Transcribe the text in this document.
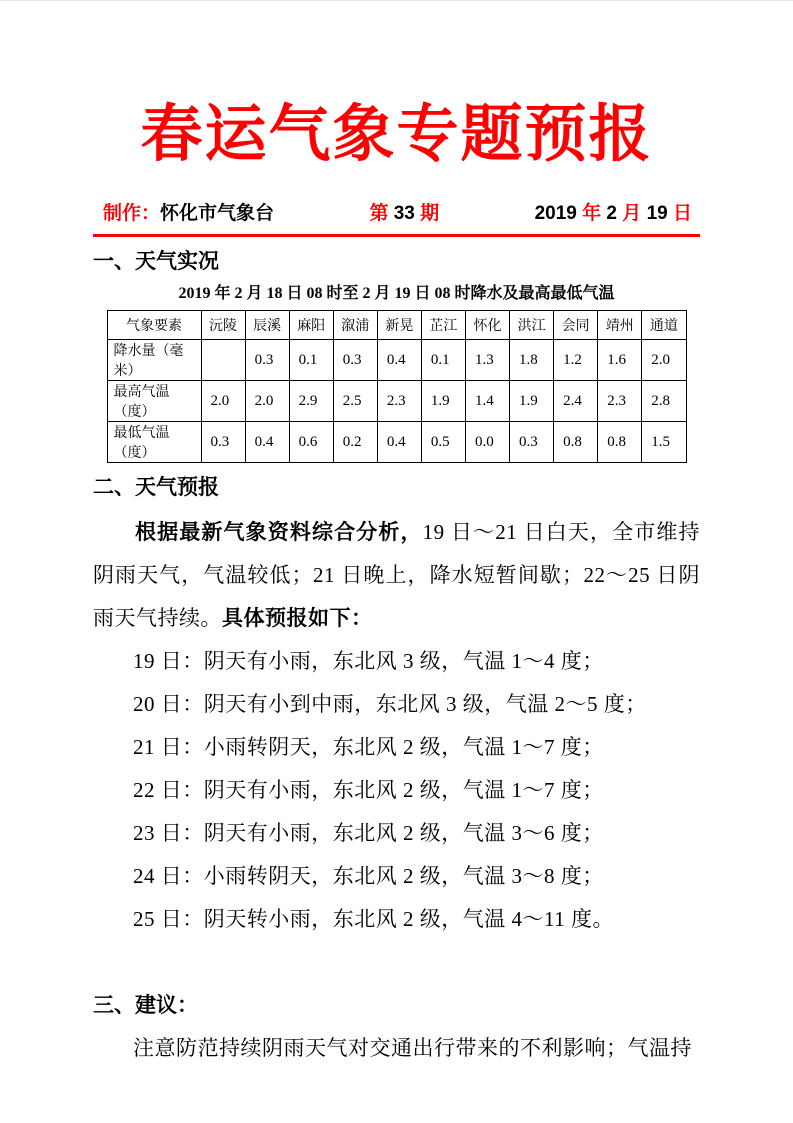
春运气象专题预报
制作：怀化市气象台	第 33 期	2019 年 2 月 19 日
一、天气实况
2019 年 2 月 18 日 08 时至 2 月 19 日 08 时降水及最高最低气温
气象要素	沅陵	辰溪	麻阳	溆浦	新晃	芷江	怀化	洪江	会同	靖州	通道
降水量（毫米）		0.3	0.1	0.3	0.4	0.1	1.3	1.8	1.2	1.6	2.0
最高气温（度）	2.0	2.0	2.9	2.5	2.3	1.9	1.4	1.9	2.4	2.3	2.8
最低气温（度）	0.3	0.4	0.6	0.2	0.4	0.5	0.0	0.3	0.8	0.8	1.5
二、天气预报

根据最新气象资料综合分析，19 日～21 日白天，全市维持阴雨天气，气温较低；21 日晚上，降水短暂间歇；22～25 日阴雨天气持续。具体预报如下：

19 日：阴天有小雨，东北风 3 级，气温 1～4 度；
20 日：阴天有小到中雨，东北风 3 级，气温 2～5 度；
21 日：小雨转阴天，东北风 2 级，气温 1～7 度；
22 日：阴天有小雨，东北风 2 级，气温 1～7 度；
23 日：阴天有小雨，东北风 2 级，气温 3～6 度；
24 日：小雨转阴天，东北风 2 级，气温 3～8 度；
25 日：阴天转小雨，东北风 2 级，气温 4～11 度。
三、建议：

注意防范持续阴雨天气对交通出行带来的不利影响；气温持
